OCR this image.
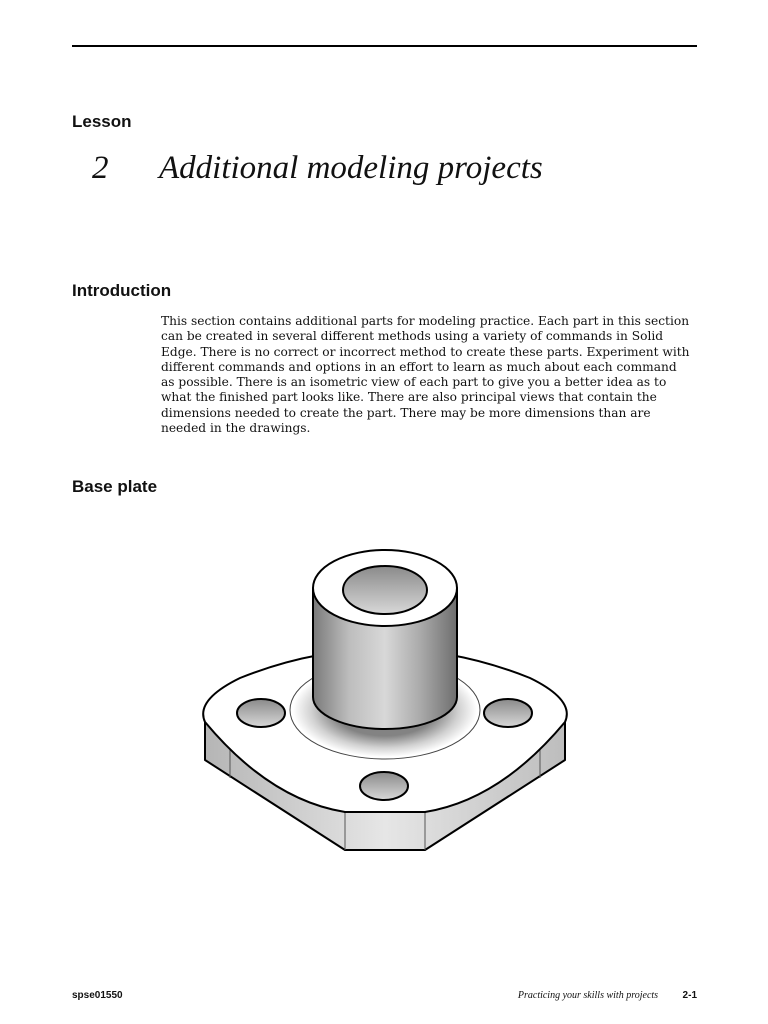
Lesson
2 Additional modeling projects
Introduction

This section contains additional parts for modeling practice. Each part in this section
can be created in several different methods using a variety of commands in Solid
Edge. There is no correct or incorrect method to create these parts. Experiment with
different commands and options in an effort to learn as much about each command
as possible. There is an isometric view of each part to give you a better idea as to
what the finished part looks like. There are also principal views that contain the
dimensions needed to create the part. There may be more dimensions than are
needed in the drawings.

Base plate
spse01550	Practicing your skills with projects 2-1
